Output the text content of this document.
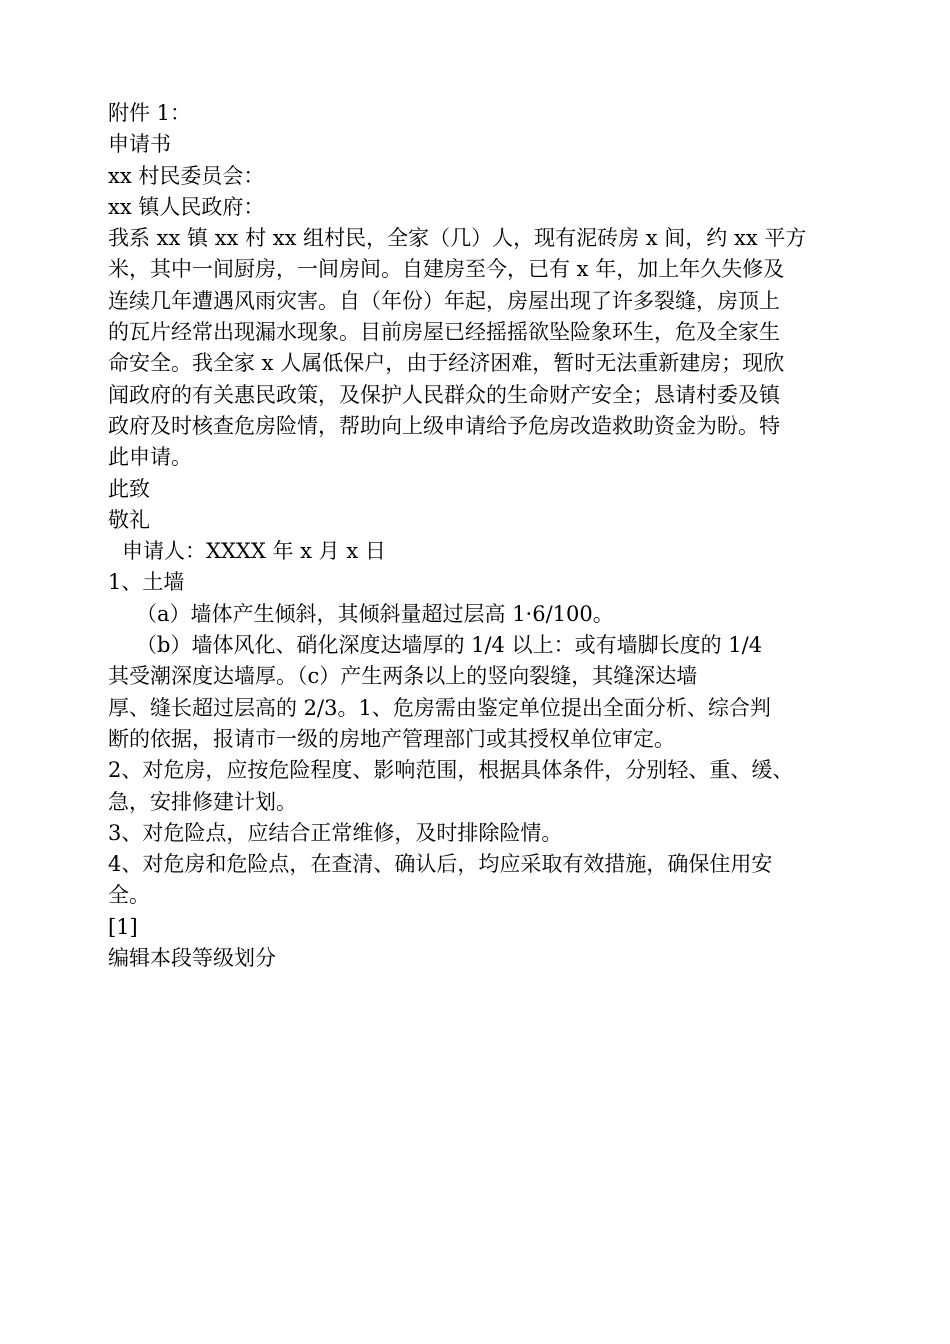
附件 1：
申请书
xx 村民委员会：
xx 镇人民政府：
我系 xx 镇 xx 村 xx 组村民，全家（几）人，现有泥砖房 x 间，约 xx 平方
米，其中一间厨房，一间房间。自建房至今，已有 x 年，加上年久失修及
连续几年遭遇风雨灾害。自（年份）年起，房屋出现了许多裂缝，房顶上
的瓦片经常出现漏水现象。目前房屋已经摇摇欲坠险象环生，危及全家生
命安全。我全家 x 人属低保户，由于经济困难，暂时无法重新建房；现欣
闻政府的有关惠民政策，及保护人民群众的生命财产安全；恳请村委及镇
政府及时核查危房险情，帮助向上级申请给予危房改造救助资金为盼。特
此申请。
此致
敬礼
申请人：XXXX 年 x 月 x 日
1、土墙
（a）墙体产生倾斜，其倾斜量超过层高 1·6/100。
（b）墙体风化、硝化深度达墙厚的 1/4 以上：或有墙脚长度的 1/4
其受潮深度达墙厚。（c）产生两条以上的竖向裂缝，其缝深达墙
厚、缝长超过层高的 2/3。1、危房需由鉴定单位提出全面分析、综合判
断的依据，报请市一级的房地产管理部门或其授权单位审定。
2、对危房，应按危险程度、影响范围，根据具体条件，分别轻、重、缓、
急，安排修建计划。
3、对危险点，应结合正常维修，及时排除险情。
4、对危房和危险点，在查清、确认后，均应采取有效措施，确保住用安
全。
[1]
编辑本段等级划分
